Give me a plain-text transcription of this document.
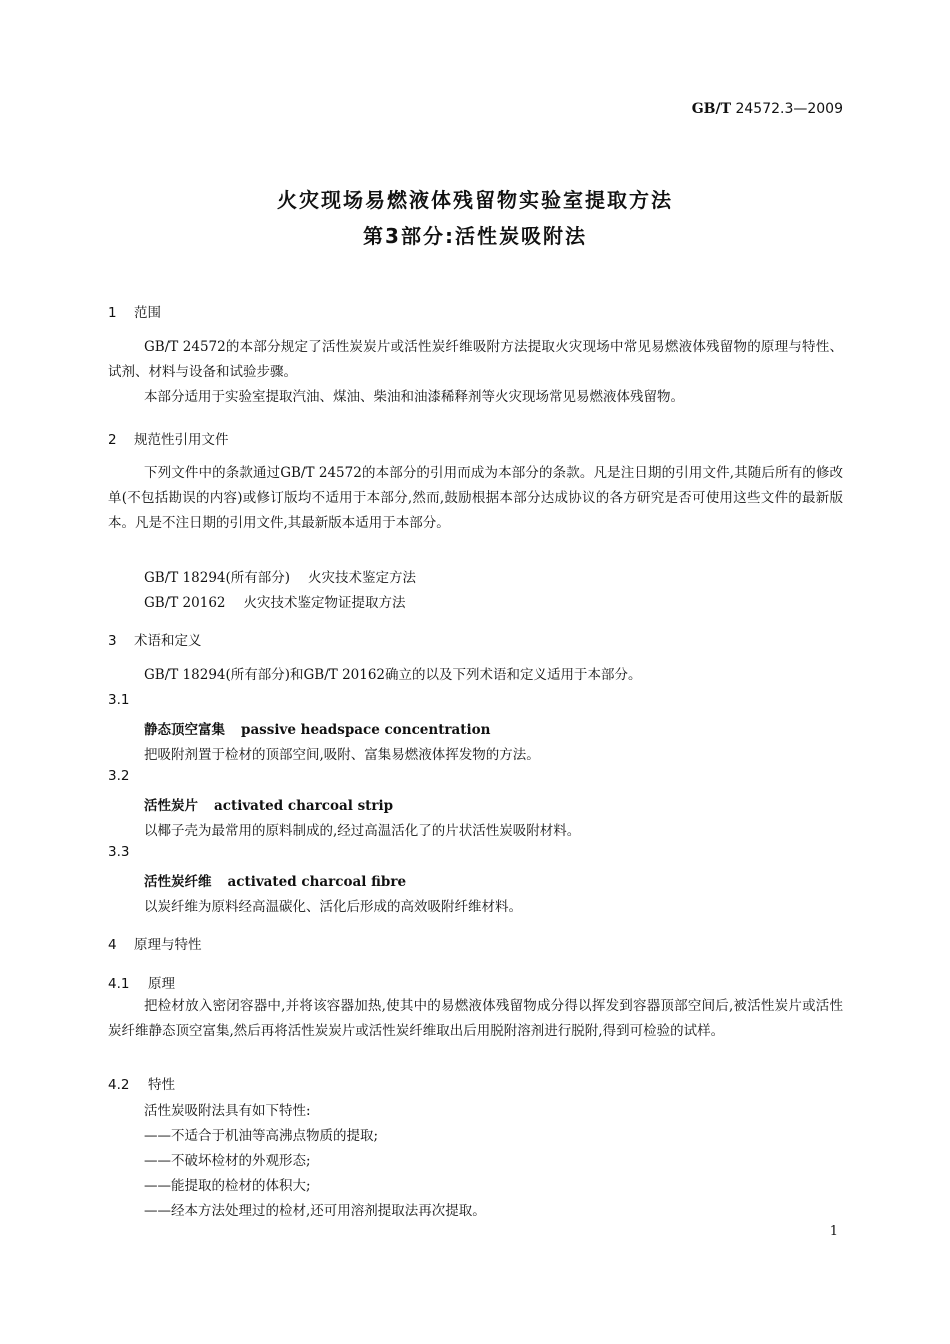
GB/T 24572.3—2009
火灾现场易燃液体残留物实验室提取方法
第3部分:活性炭吸附法
1 范围
GB/T 24572的本部分规定了活性炭炭片或活性炭纤维吸附方法提取火灾现场中常见易燃液体残留物的原理与特性、试剂、材料与设备和试验步骤。
本部分适用于实验室提取汽油、煤油、柴油和油漆稀释剂等火灾现场常见易燃液体残留物。
2 规范性引用文件
下列文件中的条款通过GB/T 24572的本部分的引用而成为本部分的条款。凡是注日期的引用文件,其随后所有的修改单(不包括勘误的内容)或修订版均不适用于本部分,然而,鼓励根据本部分达成协议的各方研究是否可使用这些文件的最新版本。凡是不注日期的引用文件,其最新版本适用于本部分。
GB/T 18294(所有部分) 火灾技术鉴定方法
GB/T 20162 火灾技术鉴定物证提取方法
3 术语和定义
GB/T 18294(所有部分)和GB/T 20162确立的以及下列术语和定义适用于本部分。
3.1
静态顶空富集 passive headspace concentration
把吸附剂置于检材的顶部空间,吸附、富集易燃液体挥发物的方法。
3.2
活性炭片 activated charcoal strip
以椰子壳为最常用的原料制成的,经过高温活化了的片状活性炭吸附材料。
3.3
活性炭纤维 activated charcoal fibre
以炭纤维为原料经高温碳化、活化后形成的高效吸附纤维材料。
4 原理与特性
4.1 原理
把检材放入密闭容器中,并将该容器加热,使其中的易燃液体残留物成分得以挥发到容器顶部空间后,被活性炭片或活性炭纤维静态顶空富集,然后再将活性炭炭片或活性炭纤维取出后用脱附溶剂进行脱附,得到可检验的试样。
4.2 特性
活性炭吸附法具有如下特性:
——不适合于机油等高沸点物质的提取;
——不破坏检材的外观形态;
——能提取的检材的体积大;
——经本方法处理过的检材,还可用溶剂提取法再次提取。
1
